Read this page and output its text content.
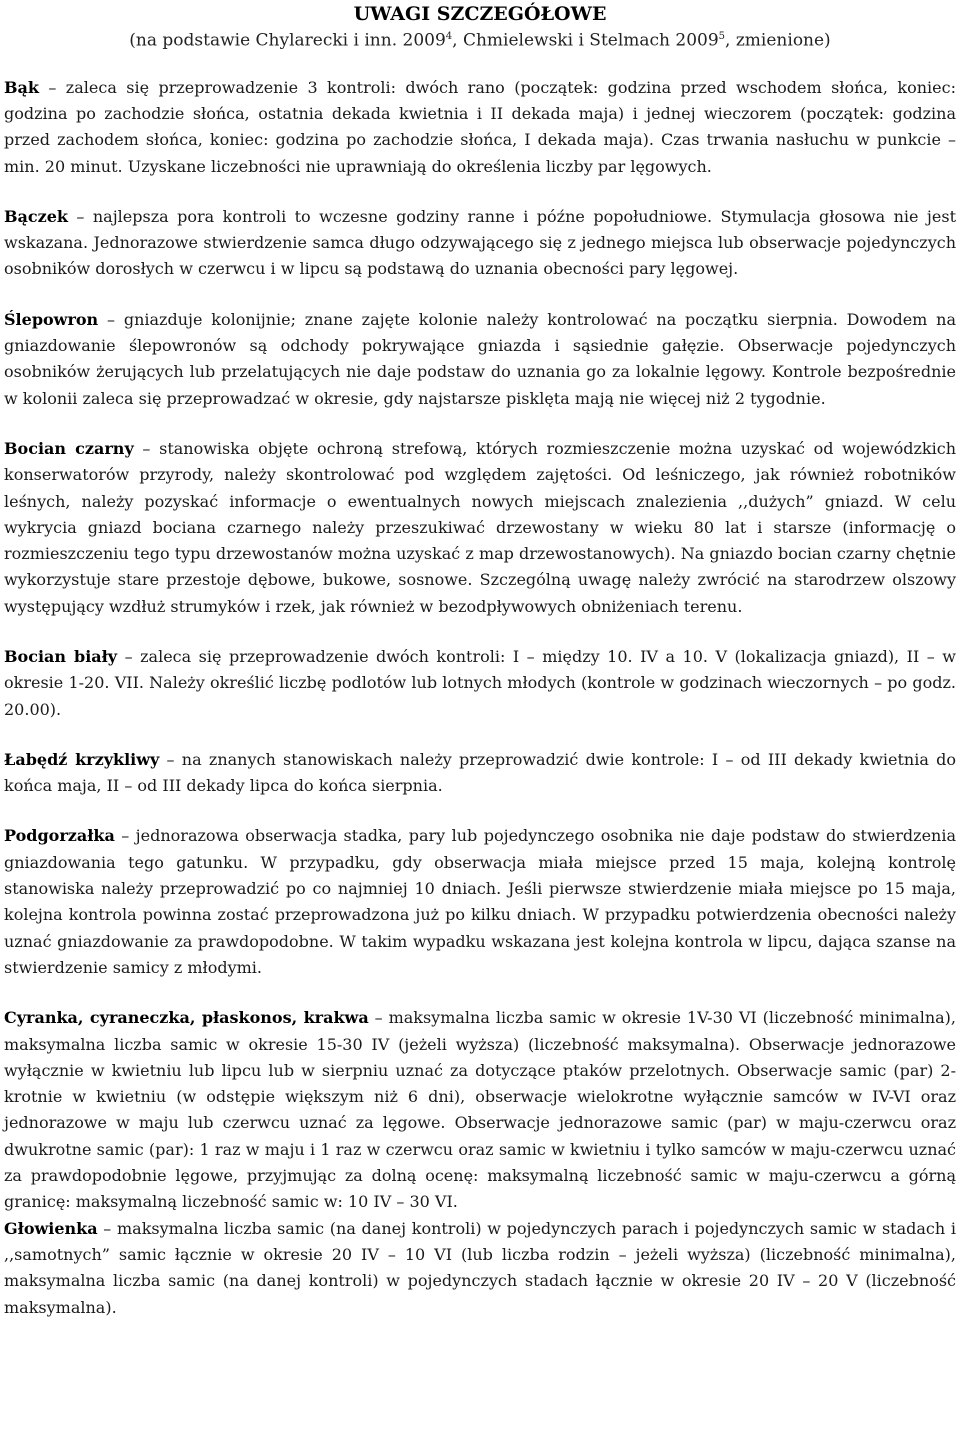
UWAGI SZCZEGÓŁOWE

(na podstawie Chylarecki i inn. 2009$^4$, Chmielewski i Stelmach 2009$^5$, zmienione)

Bąk – zaleca się przeprowadzenie 3 kontroli: dwóch rano (początek: godzina przed wschodem słońca, koniec: godzina po zachodzie słońca, ostatnia dekada kwietnia i II dekada maja) i jednej wieczorem (początek: godzina przed zachodem słońca, koniec: godzina po zachodzie słońca, I dekada maja). Czas trwania nasłuchu w punkcie – min. 20 minut. Uzyskane liczebności nie uprawniają do określenia liczby par lęgowych.

Bączek – najlepsza pora kontroli to wczesne godziny ranne i późne popołudniowe. Stymulacja głosowa nie jest wskazana. Jednorazowe stwierdzenie samca długo odzywającego się z jednego miejsca lub obserwacje pojedynczych osobników dorosłych w czerwcu i w lipcu są podstawą do uznania obecności pary lęgowej.

Ślepowron – gniazduje kolonijnie; znane zajęte kolonie należy kontrolować na początku sierpnia. Dowodem na gniazdowanie ślepowronów są odchody pokrywające gniazda i sąsiednie gałęzie. Obserwacje pojedynczych osobników żerujących lub przelatujących nie daje podstaw do uznania go za lokalnie lęgowy. Kontrole bezpośrednie w kolonii zaleca się przeprowadzać w okresie, gdy najstarsze pisklęta mają nie więcej niż 2 tygodnie.

Bocian czarny – stanowiska objęte ochroną strefową, których rozmieszczenie można uzyskać od wojewódzkich konserwatorów przyrody, należy skontrolować pod względem zajętości. Od leśniczego, jak również robotników leśnych, należy pozyskać informacje o ewentualnych nowych miejscach znalezienia ,,dużych” gniazd. W celu wykrycia gniazd bociana czarnego należy przeszukiwać drzewostany w wieku 80 lat i starsze (informację o rozmieszczeniu tego typu drzewostanów można uzyskać z map drzewostanowych). Na gniazdo bocian czarny chętnie wykorzystuje stare przestoje dębowe, bukowe, sosnowe. Szczególną uwagę należy zwrócić na starodrzew olszowy występujący wzdłuż strumyków i rzek, jak również w bezodpływowych obniżeniach terenu.

Bocian biały – zaleca się przeprowadzenie dwóch kontroli: I – między 10. IV a 10. V (lokalizacja gniazd), II – w okresie 1-20. VII. Należy określić liczbę podlotów lub lotnych młodych (kontrole w godzinach wieczornych – po godz. 20.00).

Łabędź krzykliwy – na znanych stanowiskach należy przeprowadzić dwie kontrole: I – od III dekady kwietnia do końca maja, II – od III dekady lipca do końca sierpnia.

Podgorzałka – jednorazowa obserwacja stadka, pary lub pojedynczego osobnika nie daje podstaw do stwierdzenia gniazdowania tego gatunku. W przypadku, gdy obserwacja miała miejsce przed 15 maja, kolejną kontrolę stanowiska należy przeprowadzić po co najmniej 10 dniach. Jeśli pierwsze stwierdzenie miała miejsce po 15 maja, kolejna kontrola powinna zostać przeprowadzona już po kilku dniach. W przypadku potwierdzenia obecności należy uznać gniazdowanie za prawdopodobne. W takim wypadku wskazana jest kolejna kontrola w lipcu, dająca szanse na stwierdzenie samicy z młodymi.

Cyranka, cyraneczka, płaskonos, krakwa – maksymalna liczba samic w okresie 1V-30 VI (liczebność minimalna), maksymalna liczba samic w okresie 15-30 IV (jeżeli wyższa) (liczebność maksymalna). Obserwacje jednorazowe wyłącznie w kwietniu lub lipcu lub w sierpniu uznać za dotyczące ptaków przelotnych. Obserwacje samic (par) 2-krotnie w kwietniu (w odstępie większym niż 6 dni), obserwacje wielokrotne wyłącznie samców w IV-VI oraz jednorazowe w maju lub czerwcu uznać za lęgowe. Obserwacje jednorazowe samic (par) w maju-czerwcu oraz dwukrotne samic (par): 1 raz w maju i 1 raz w czerwcu oraz samic w kwietniu i tylko samców w maju-czerwcu uznać za prawdopodobnie lęgowe, przyjmując za dolną ocenę: maksymalną liczebność samic w maju-czerwcu a górną granicę: maksymalną liczebność samic w: 10 IV – 30 VI.

Głowienka – maksymalna liczba samic (na danej kontroli) w pojedynczych parach i pojedynczych samic w stadach i ,,samotnych” samic łącznie w okresie 20 IV – 10 VI (lub liczba rodzin – jeżeli wyższa) (liczebność minimalna), maksymalna liczba samic (na danej kontroli) w pojedynczych stadach łącznie w okresie 20 IV – 20 V (liczebność maksymalna).
